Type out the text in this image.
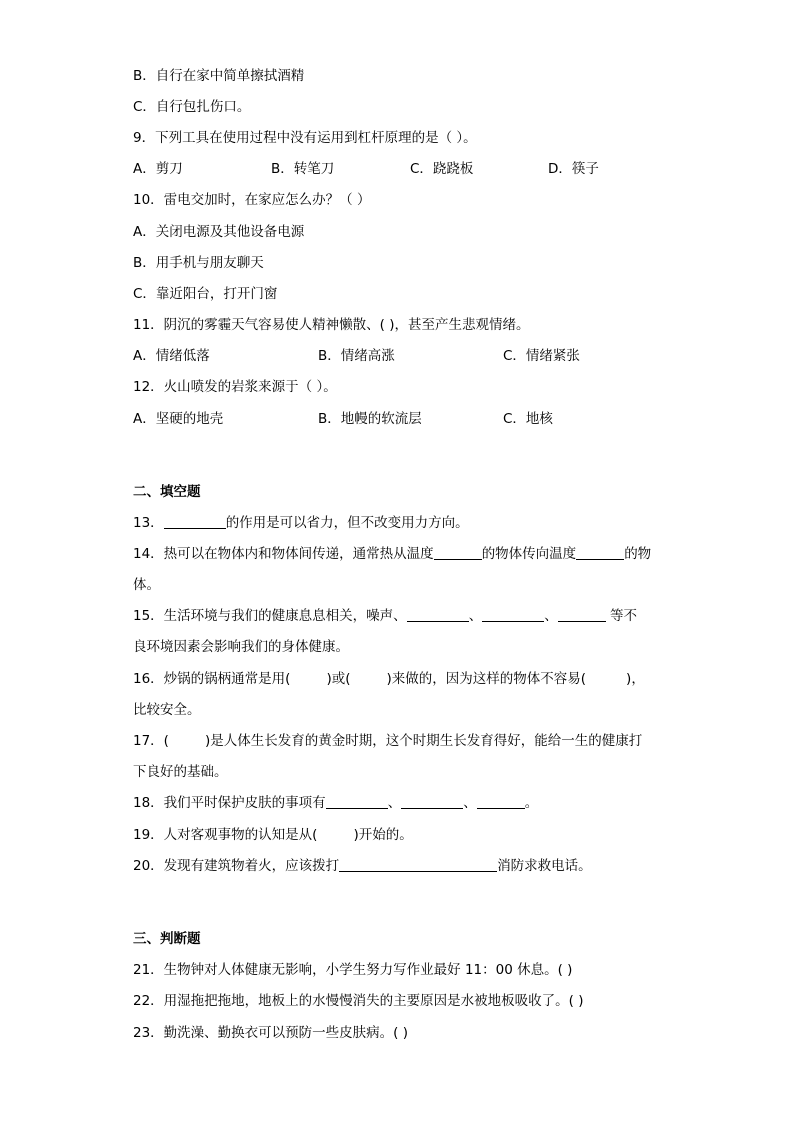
B．自行在家中简单擦拭酒精
C．自行包扎伤口。
9．下列工具在使用过程中没有运用到杠杆原理的是（ ）。
A．剪刀	B．转笔刀	C．跷跷板	D．筷子
10．雷电交加时，在家应怎么办？（ ）
A．关闭电源及其他设备电源
B．用手机与朋友聊天
C．靠近阳台，打开门窗
11．阴沉的雾霾天气容易使人精神懒散、( )，甚至产生悲观情绪。
A．情绪低落	B．情绪高涨	C．情绪紧张
12．火山喷发的岩浆来源于（ ）。
A．坚硬的地壳	B．地幔的软流层	C．地核
二、填空题
13．	的作用是可以省力，但不改变用力方向。
14．热可以在物体内和物体间传递，通常热从温度	的物体传向温度	的物
体。
15．生活环境与我们的健康息息相关，噪声、	、	、	等不
良环境因素会影响我们的身体健康。
16．炒锅的锅柄通常是用(	)或(	)来做的，因为这样的物体不容易(	)，
比较安全。
17．(	)是人体生长发育的黄金时期，这个时期生长发育得好，能给一生的健康打
下良好的基础。
18．我们平时保护皮肤的事项有	、	、	。
19．人对客观事物的认知是从(	)开始的。
20．发现有建筑物着火，应该拨打	消防求救电话。
三、判断题
21．生物钟对人体健康无影响，小学生努力写作业最好 11：00 休息。( )
22．用湿拖把拖地，地板上的水慢慢消失的主要原因是水被地板吸收了。( )
23．勤洗澡、勤换衣可以预防一些皮肤病。( )
